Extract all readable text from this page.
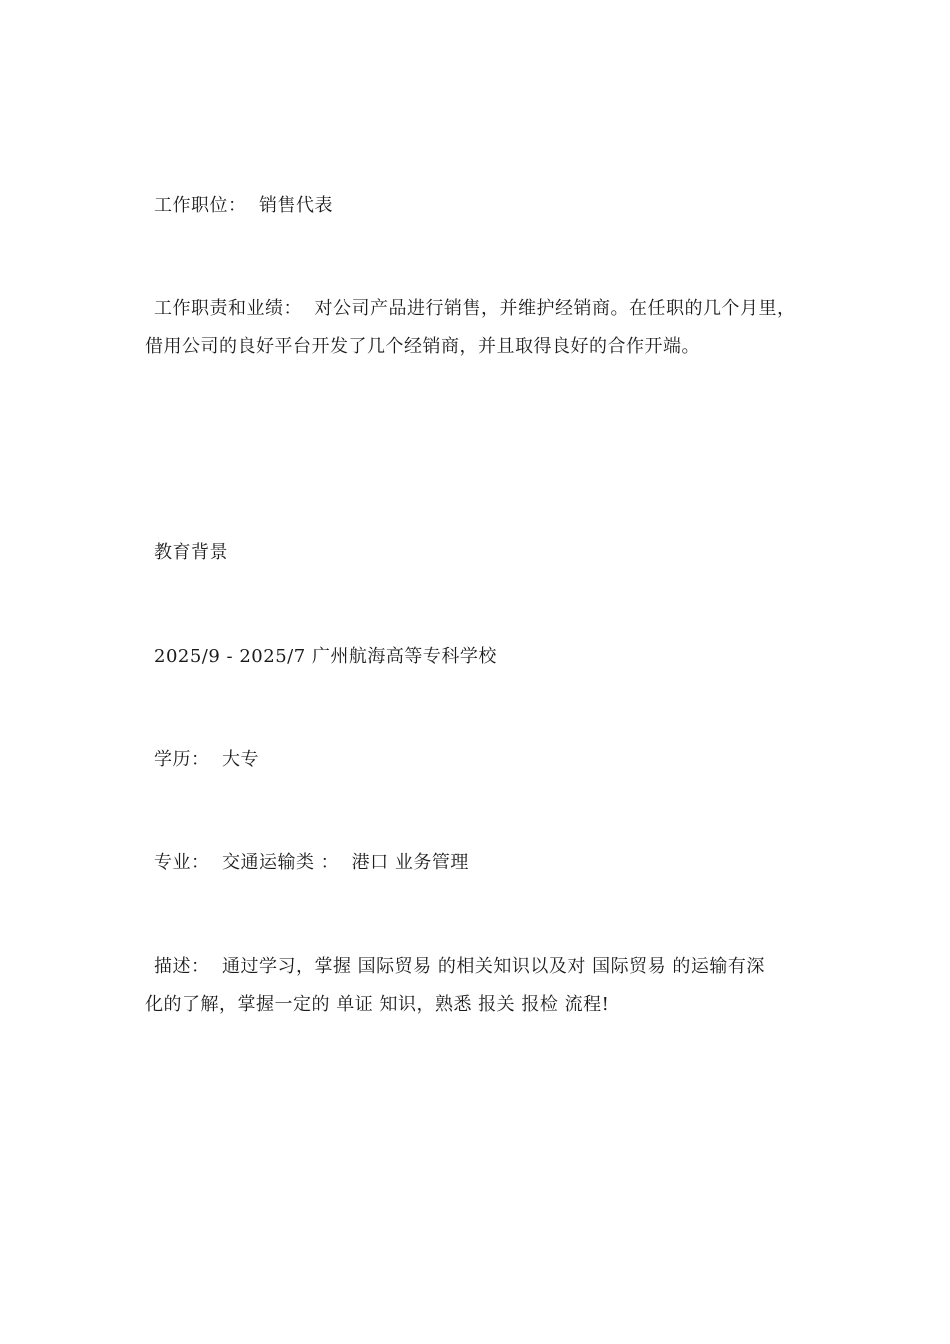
工作职位：  销售代表
工作职责和业绩：  对公司产品进行销售，并维护经销商。在任职的几个月里，
借用公司的良好平台开发了几个经销商，并且取得良好的合作开端。
教育背景
2025/9 - 2025/7 广州航海高等专科学校
学历：  大专
专业：  交通运输类 ：  港口 业务管理
描述：  通过学习，掌握 国际贸易 的相关知识以及对 国际贸易 的运输有深
化的了解，掌握一定的 单证 知识，熟悉 报关 报检 流程!
